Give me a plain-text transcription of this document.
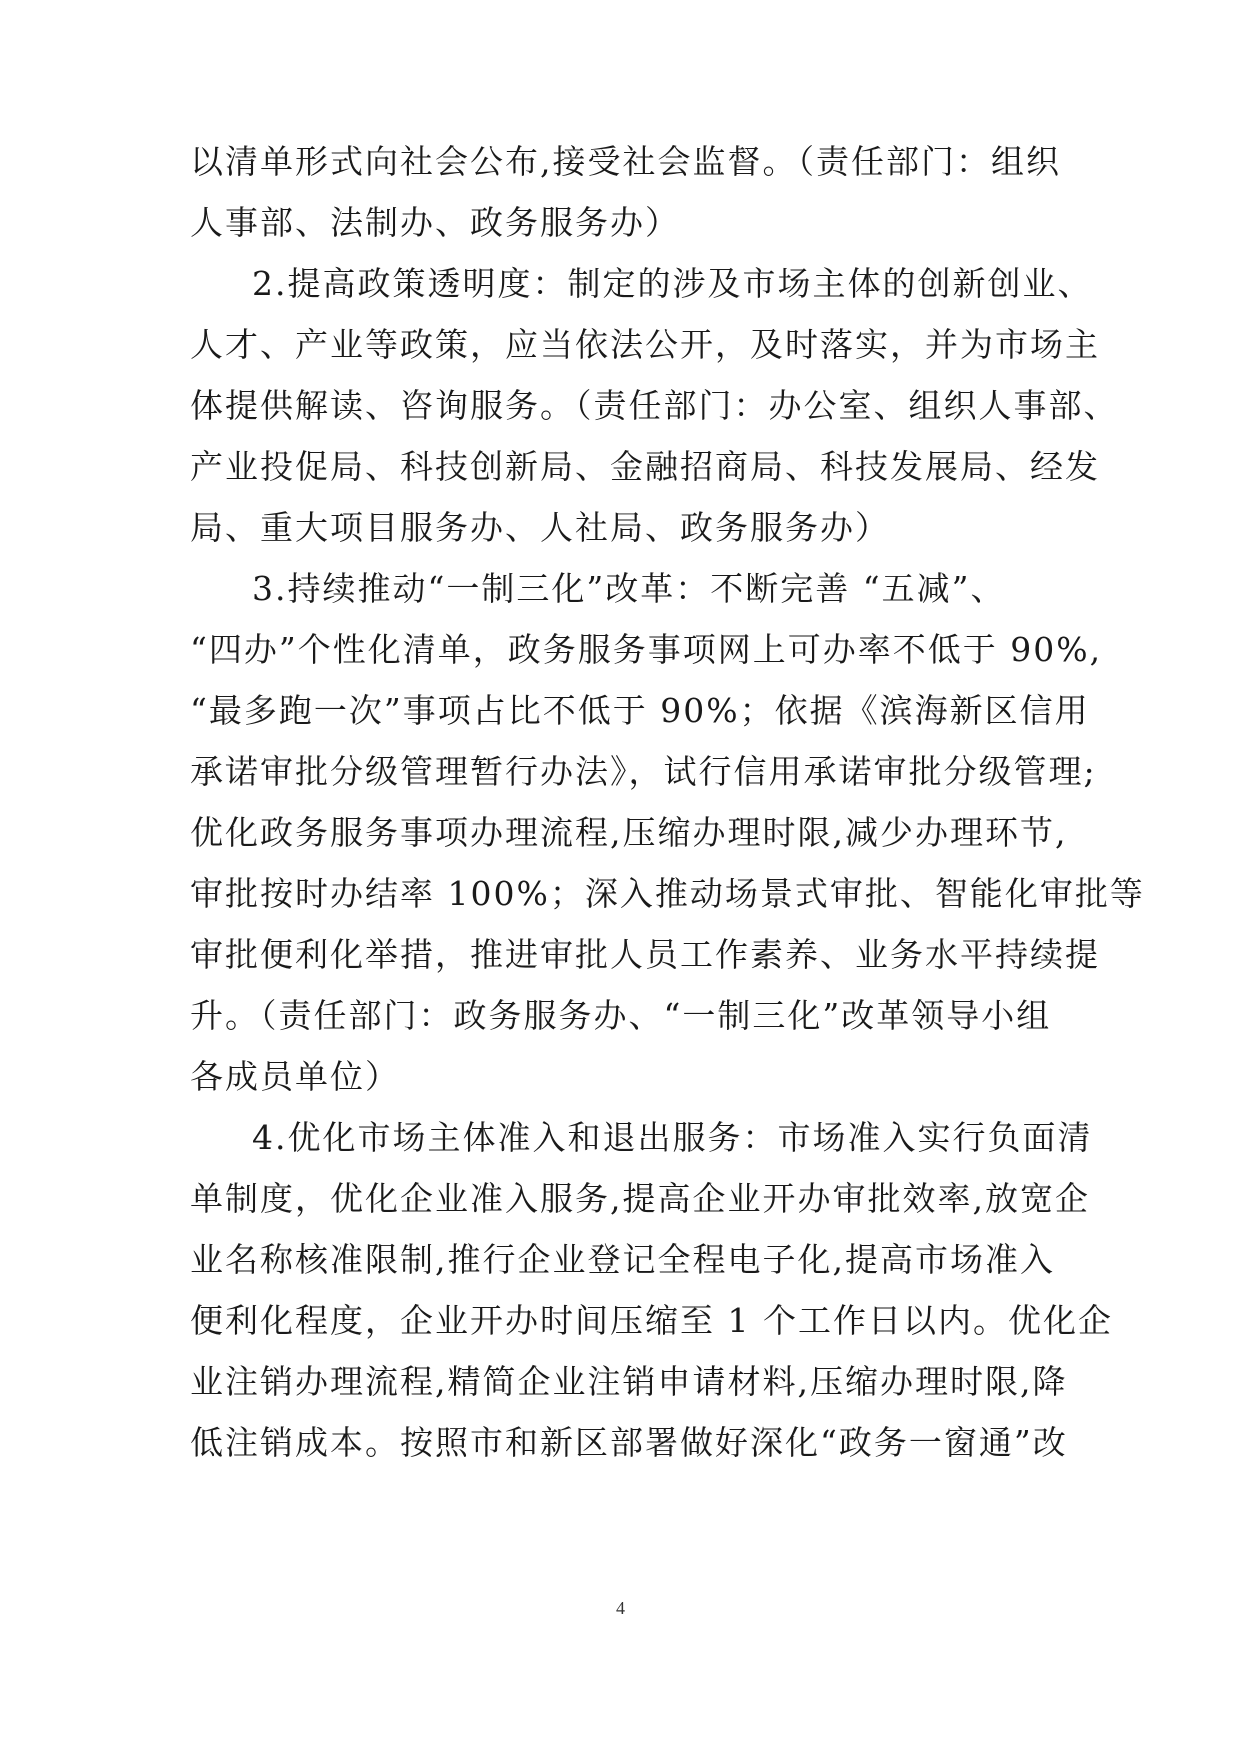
以清单形式向社会公布,接受社会监督。（责任部门：组织
人事部、法制办、政务服务办）
2.提高政策透明度：制定的涉及市场主体的创新创业、
人才、产业等政策，应当依法公开，及时落实，并为市场主
体提供解读、咨询服务。（责任部门：办公室、组织人事部、
产业投促局、科技创新局、金融招商局、科技发展局、经发
局、重大项目服务办、人社局、政务服务办）
3.持续推动“一制三化”改革：不断完善 “五减”、
“四办”个性化清单，政务服务事项网上可办率不低于 90%,
“最多跑一次”事项占比不低于 90%；依据《滨海新区信用
承诺审批分级管理暂行办法》，试行信用承诺审批分级管理;
优化政务服务事项办理流程,压缩办理时限,减少办理环节,
审批按时办结率 100%；深入推动场景式审批、智能化审批等
审批便利化举措，推进审批人员工作素养、业务水平持续提
升。（责任部门：政务服务办、“一制三化”改革领导小组
各成员单位）
4.优化市场主体准入和退出服务：市场准入实行负面清
单制度，优化企业准入服务,提高企业开办审批效率,放宽企
业名称核准限制,推行企业登记全程电子化,提高市场准入
便利化程度，企业开办时间压缩至 1 个工作日以内。优化企
业注销办理流程,精简企业注销申请材料,压缩办理时限,降
低注销成本。按照市和新区部署做好深化“政务一窗通”改
4
